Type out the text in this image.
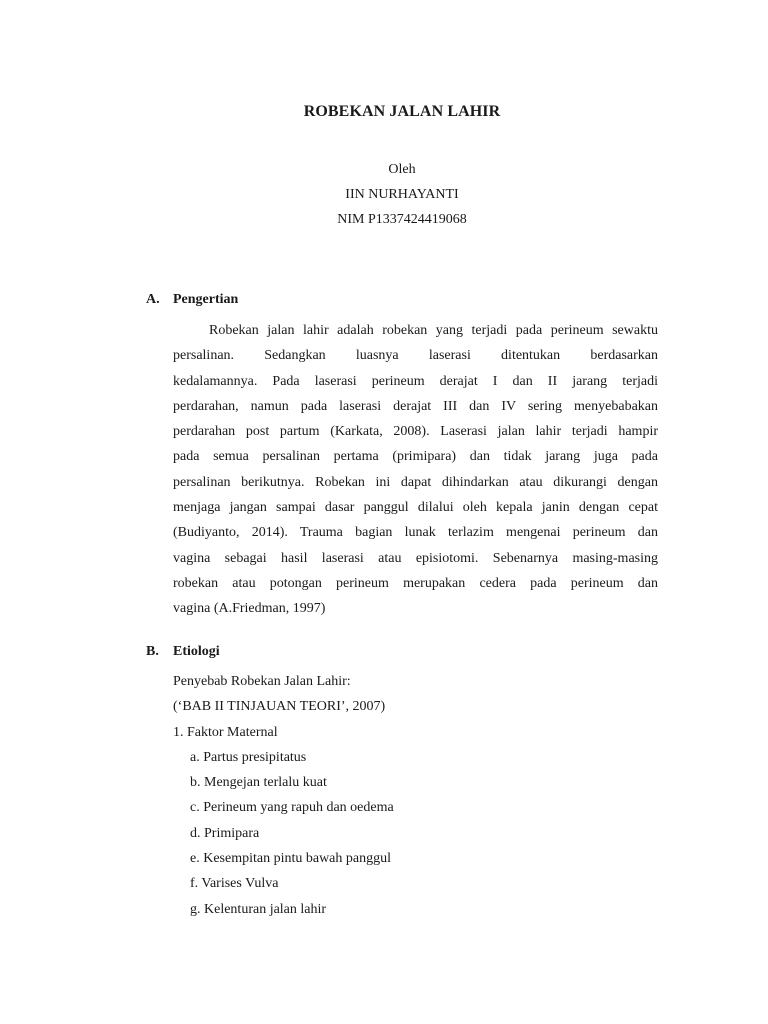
ROBEKAN JALAN LAHIR
Oleh
IIN NURHAYANTI
NIM P1337424419068
A. Pengertian
Robekan jalan lahir adalah robekan yang terjadi pada perineum sewaktu
persalinan. Sedangkan luasnya laserasi ditentukan berdasarkan
kedalamannya. Pada laserasi perineum derajat I dan II jarang terjadi
perdarahan, namun pada laserasi derajat III dan IV sering menyebabakan
perdarahan post partum (Karkata, 2008). Laserasi jalan lahir terjadi hampir
pada semua persalinan pertama (primipara) dan tidak jarang juga pada
persalinan berikutnya. Robekan ini dapat dihindarkan atau dikurangi dengan
menjaga jangan sampai dasar panggul dilalui oleh kepala janin dengan cepat
(Budiyanto, 2014). Trauma bagian lunak terlazim mengenai perineum dan
vagina sebagai hasil laserasi atau episiotomi. Sebenarnya masing-masing
robekan atau potongan perineum merupakan cedera pada perineum dan
vagina (A.Friedman, 1997)
B. Etiologi
Penyebab Robekan Jalan Lahir:
(‘BAB II TINJAUAN TEORI’, 2007)
1. Faktor Maternal
a. Partus presipitatus
b. Mengejan terlalu kuat
c. Perineum yang rapuh dan oedema
d. Primipara
e. Kesempitan pintu bawah panggul
f. Varises Vulva
g. Kelenturan jalan lahir
